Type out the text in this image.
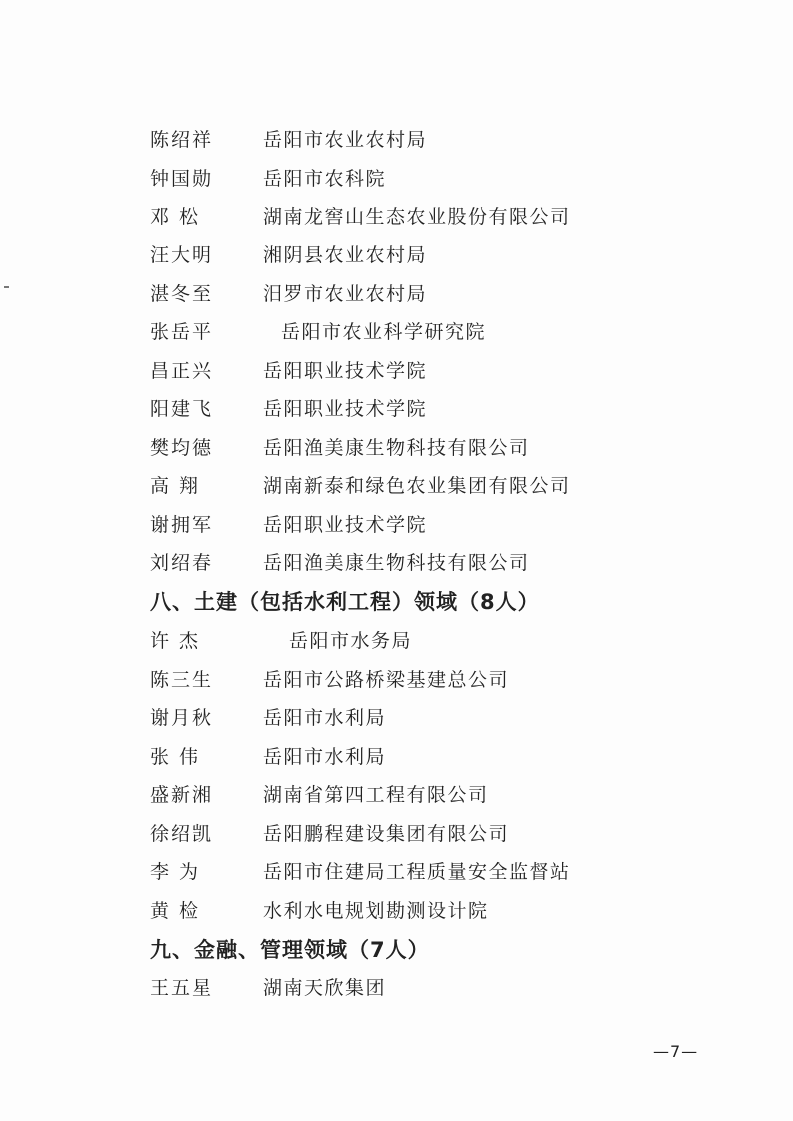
陈绍祥	岳阳市农业农村局
钟国勋	岳阳市农科院
邓 松	湖南龙窖山生态农业股份有限公司
汪大明	湘阴县农业农村局
湛冬至	汨罗市农业农村局
张岳平	岳阳市农业科学研究院
昌正兴	岳阳职业技术学院
阳建飞	岳阳职业技术学院
樊均德	岳阳渔美康生物科技有限公司
高 翔	湖南新泰和绿色农业集团有限公司
谢拥军	岳阳职业技术学院
刘绍春	岳阳渔美康生物科技有限公司
八、土建（包括水利工程）领域（8人）
许 杰	岳阳市水务局
陈三生	岳阳市公路桥梁基建总公司
谢月秋	岳阳市水利局
张 伟	岳阳市水利局
盛新湘	湖南省第四工程有限公司
徐绍凯	岳阳鹏程建设集团有限公司
李 为	岳阳市住建局工程质量安全监督站
黄 检	水利水电规划勘测设计院
九、金融、管理领域（7人）
王五星	湖南天欣集团
—7—
